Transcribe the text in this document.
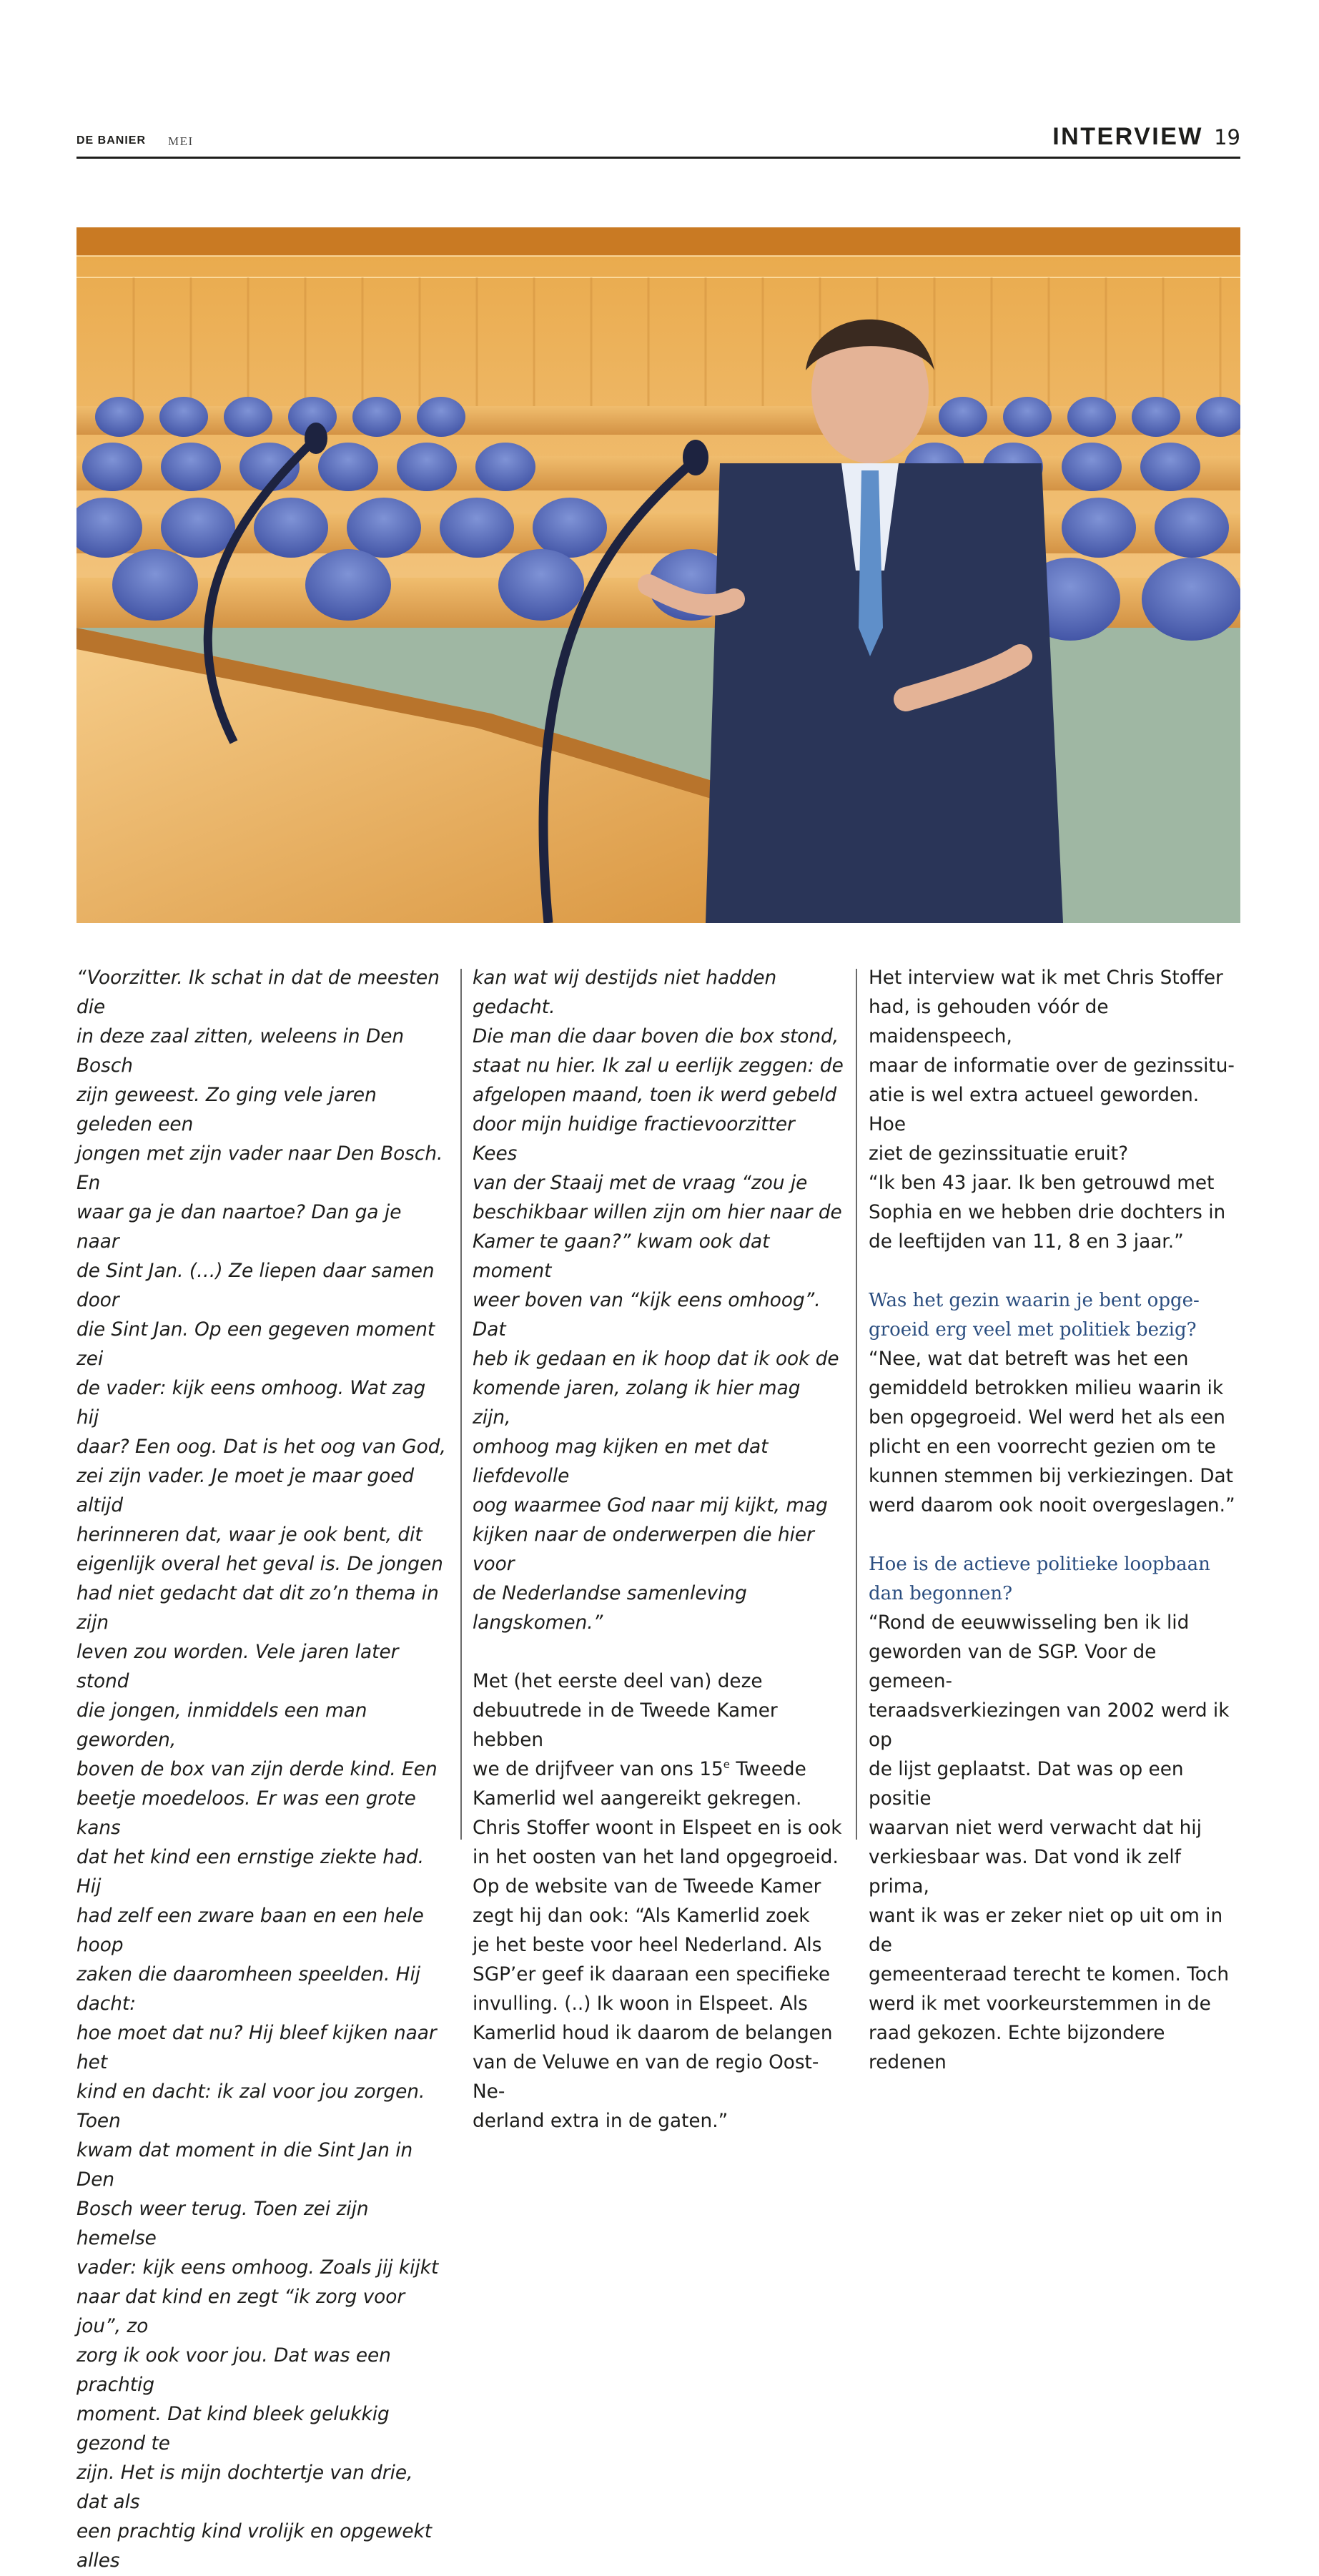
DE BANIER MEI	INTERVIEW 19

“Voorzitter. Ik schat in dat de meesten die

in deze zaal zitten, weleens in Den Bosch

zijn geweest. Zo ging vele jaren geleden een

jongen met zijn vader naar Den Bosch. En

waar ga je dan naartoe? Dan ga je naar

de Sint Jan. (…) Ze liepen daar samen door

die Sint Jan. Op een gegeven moment zei

de vader: kijk eens omhoog. Wat zag hij

daar? Een oog. Dat is het oog van God,

zei zijn vader. Je moet je maar goed altijd

herinneren dat, waar je ook bent, dit

eigenlijk overal het geval is. De jongen

had niet gedacht dat dit zo’n thema in zijn

leven zou worden. Vele jaren later stond

die jongen, inmiddels een man geworden,

boven de box van zijn derde kind. Een

beetje moedeloos. Er was een grote kans

dat het kind een ernstige ziekte had. Hij

had zelf een zware baan en een hele hoop

zaken die daaromheen speelden. Hij dacht:

hoe moet dat nu? Hij bleef kijken naar het

kind en dacht: ik zal voor jou zorgen. Toen

kwam dat moment in die Sint Jan in Den

Bosch weer terug. Toen zei zijn hemelse

vader: kijk eens omhoog. Zoals jij kijkt

naar dat kind en zegt “ik zorg voor jou”, zo

zorg ik ook voor jou. Dat was een prachtig

moment. Dat kind bleek gelukkig gezond te

zijn. Het is mijn dochtertje van drie, dat als

een prachtig kind vrolijk en opgewekt alles

kan wat wij destijds niet hadden gedacht.

Die man die daar boven die box stond,

staat nu hier. Ik zal u eerlijk zeggen: de

afgelopen maand, toen ik werd gebeld

door mijn huidige fractievoorzitter Kees

van der Staaij met de vraag “zou je

beschikbaar willen zijn om hier naar de

Kamer te gaan?” kwam ook dat moment

weer boven van “kijk eens omhoog”. Dat

heb ik gedaan en ik hoop dat ik ook de

komende jaren, zolang ik hier mag zijn,

omhoog mag kijken en met dat liefdevolle

oog waarmee God naar mij kijkt, mag

kijken naar de onderwerpen die hier voor

de Nederlandse samenleving langskomen.”

Met (het eerste deel van) deze

debuutrede in de Tweede Kamer hebben

we de drijfveer van ons 15e Tweede

Kamerlid wel aangereikt gekregen.

Chris Stoffer woont in Elspeet en is ook

in het oosten van het land opgegroeid.

Op de website van de Tweede Kamer

zegt hij dan ook: “Als Kamerlid zoek

je het beste voor heel Nederland. Als

SGP’er geef ik daaraan een specifieke

invulling. (..) Ik woon in Elspeet. Als

Kamerlid houd ik daarom de belangen

van de Veluwe en van de regio Oost-Ne-

derland extra in de gaten.”

Het interview wat ik met Chris Stoffer

had, is gehouden vóór de maidenspeech,

maar de informatie over de gezinssitu-

atie is wel extra actueel geworden. Hoe

ziet de gezinssituatie eruit?

“Ik ben 43 jaar. Ik ben getrouwd met

Sophia en we hebben drie dochters in

de leeftijden van 11, 8 en 3 jaar.”

Was het gezin waarin je bent opge-

groeid erg veel met politiek bezig?

“Nee, wat dat betreft was het een

gemiddeld betrokken milieu waarin ik

ben opgegroeid. Wel werd het als een

plicht en een voorrecht gezien om te

kunnen stemmen bij verkiezingen. Dat

werd daarom ook nooit overgeslagen.”

Hoe is de actieve politieke loopbaan

dan begonnen?

“Rond de eeuwwisseling ben ik lid

geworden van de SGP. Voor de gemeen-

teraadsverkiezingen van 2002 werd ik op

de lijst geplaatst. Dat was op een positie

waarvan niet werd verwacht dat hij

verkiesbaar was. Dat vond ik zelf prima,

want ik was er zeker niet op uit om in de

gemeenteraad terecht te komen. Toch

werd ik met voorkeurstemmen in de

raad gekozen. Echte bijzondere redenen
